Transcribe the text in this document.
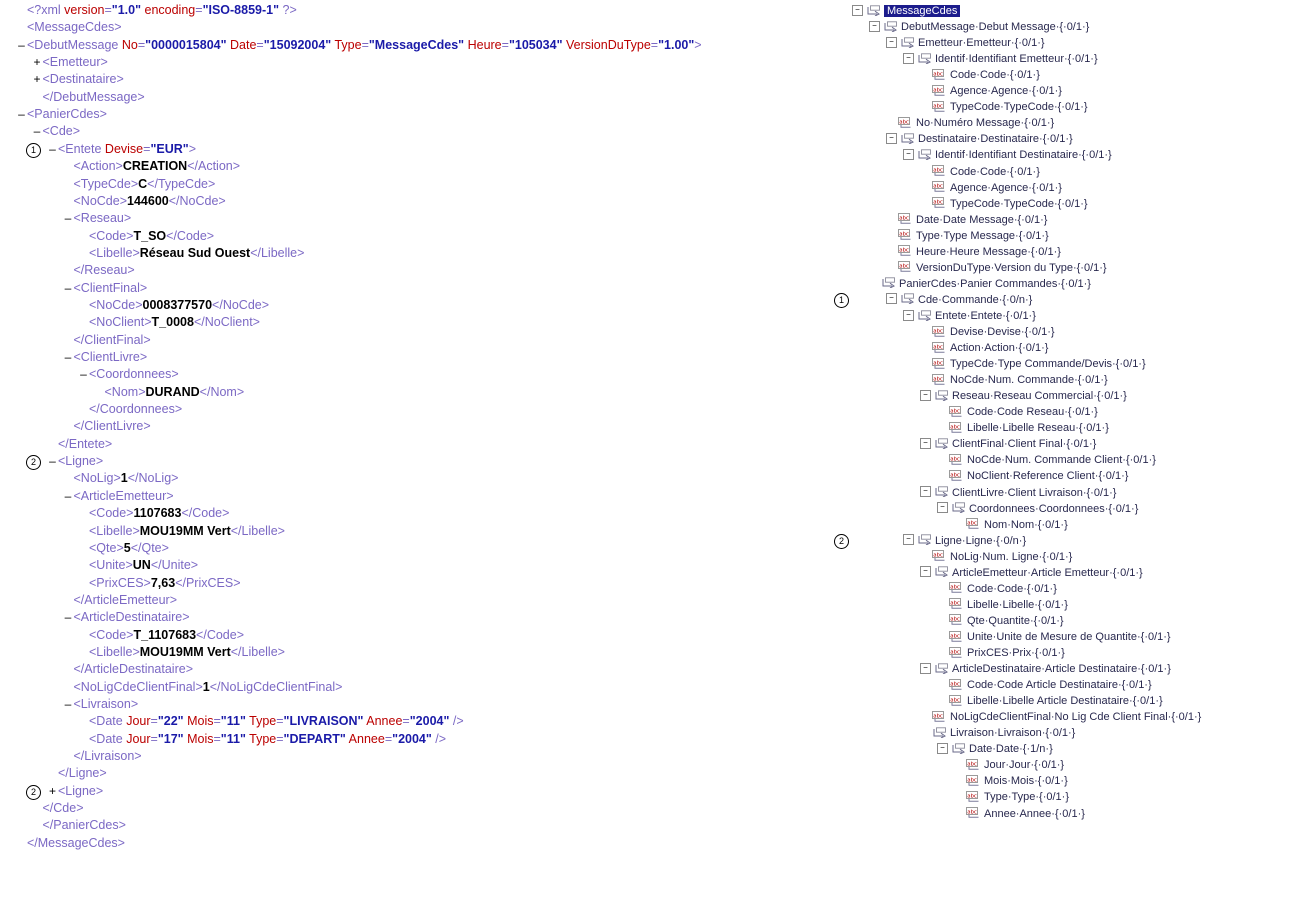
<?xml version="1.0" encoding="ISO-8859-1" ?>
<MessageCdes>
– <DebutMessage No="0000015804" Date="15092004" Type="MessageCdes" Heure="105034" VersionDuType="1.00">
+ <Emetteur>
+ <Destinataire>
</DebutMessage>
– <PanierCdes>
– <Cde>
1	– <Entete Devise="EUR">
<Action>CREATION</Action>
<TypeCde>C</TypeCde>
<NoCde>144600</NoCde>
– <Reseau>
<Code>T_SO</Code>
<Libelle>Réseau Sud Ouest</Libelle>
</Reseau>
– <ClientFinal>
<NoCde>0008377570</NoCde>
<NoClient>T_0008</NoClient>
</ClientFinal>
– <ClientLivre>
– <Coordonnees>
<Nom>DURAND</Nom>
</Coordonnees>
</ClientLivre>
</Entete>
2	– <Ligne>
<NoLig>1</NoLig>
– <ArticleEmetteur>
<Code>1107683</Code>
<Libelle>MOU19MM Vert</Libelle>
<Qte>5</Qte>
<Unite>UN</Unite>
<PrixCES>7,63</PrixCES>
</ArticleEmetteur>
– <ArticleDestinataire>
<Code>T_1107683</Code>
<Libelle>MOU19MM Vert</Libelle>
</ArticleDestinataire>
<NoLigCdeClientFinal>1</NoLigCdeClientFinal>
– <Livraison>
<Date Jour="22" Mois="11" Type="LIVRAISON" Annee="2004" />
<Date Jour="17" Mois="11" Type="DEPART" Annee="2004" />
</Livraison>
</Ligne>
2	+ <Ligne>
</Cde>
</PanierCdes>
</MessageCdes>
− MessageCdes
− DebutMessage·Debut Message·{·0/1·}
− Emetteur·Emetteur·{·0/1·}
− Identif·Identifiant Emetteur·{·0/1·}
abc Code·Code·{·0/1·}
abc Agence·Agence·{·0/1·}
abc TypeCode·TypeCode·{·0/1·}
abc No·Numéro Message·{·0/1·}
− Destinataire·Destinataire·{·0/1·}
− Identif·Identifiant Destinataire·{·0/1·}
abc Code·Code·{·0/1·}
abc Agence·Agence·{·0/1·}
abc TypeCode·TypeCode·{·0/1·}
abc Date·Date Message·{·0/1·}
abc Type·Type Message·{·0/1·}
abc Heure·Heure Message·{·0/1·}
abc VersionDuType·Version du Type·{·0/1·}
PanierCdes·Panier Commandes·{·0/1·}
1	− Cde·Commande·{·0/n·}
− Entete·Entete·{·0/1·}
abc Devise·Devise·{·0/1·}
abc Action·Action·{·0/1·}
abc TypeCde·Type Commande/Devis·{·0/1·}
abc NoCde·Num. Commande·{·0/1·}
− Reseau·Reseau Commercial·{·0/1·}
abc Code·Code Reseau·{·0/1·}
abc Libelle·Libelle Reseau·{·0/1·}
− ClientFinal·Client Final·{·0/1·}
abc NoCde·Num. Commande Client·{·0/1·}
abc NoClient·Reference Client·{·0/1·}
− ClientLivre·Client Livraison·{·0/1·}
− Coordonnees·Coordonnees·{·0/1·}
abc Nom·Nom·{·0/1·}
2	− Ligne·Ligne·{·0/n·}
abc NoLig·Num. Ligne·{·0/1·}
− ArticleEmetteur·Article Emetteur·{·0/1·}
abc Code·Code·{·0/1·}
abc Libelle·Libelle·{·0/1·}
abc Qte·Quantite·{·0/1·}
abc Unite·Unite de Mesure de Quantite·{·0/1·}
abc PrixCES·Prix·{·0/1·}
− ArticleDestinataire·Article Destinataire·{·0/1·}
abc Code·Code Article Destinataire·{·0/1·}
abc Libelle·Libelle Article Destinataire·{·0/1·}
abc NoLigCdeClientFinal·No Lig Cde Client Final·{·0/1·}
Livraison·Livraison·{·0/1·}
− Date·Date·{·1/n·}
abc Jour·Jour·{·0/1·}
abc Mois·Mois·{·0/1·}
abc Type·Type·{·0/1·}
abc Annee·Annee·{·0/1·}
